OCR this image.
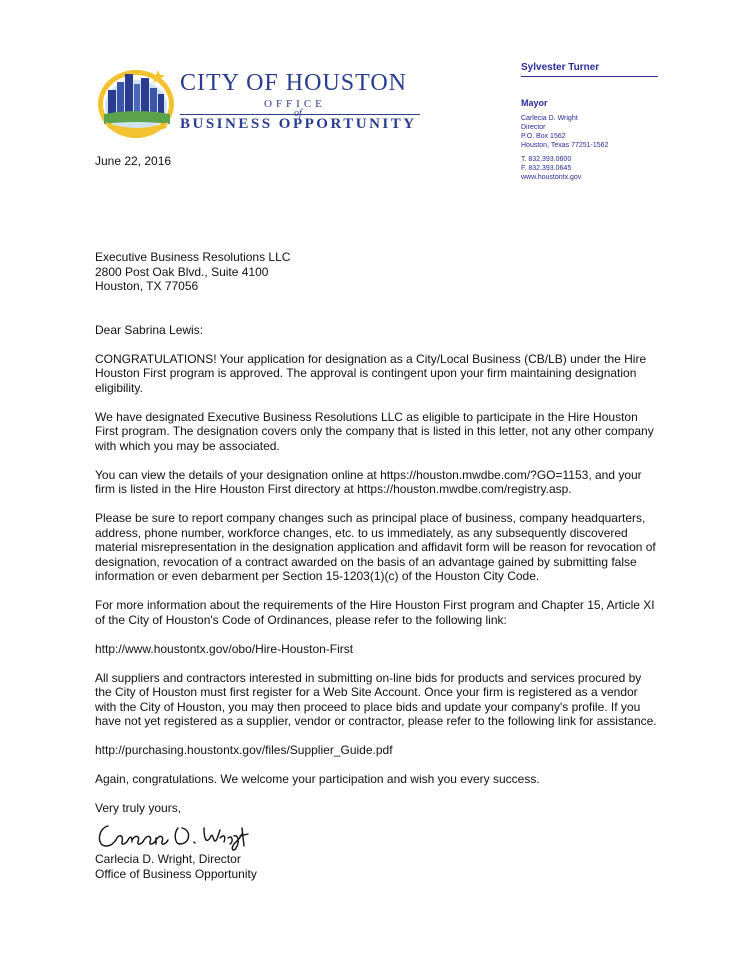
CITY OF HOUSTON
OFFICE
of
BUSINESS OPPORTUNITY
Sylvester Turner
Mayor
Carlecia D. Wright
Director
P.O. Box 1562
Houston, Texas 77251-1562
T. 832.393.0600
F. 832.393.0645
www.houstontx.gov
June 22, 2016

Executive Business Resolutions LLC

2800 Post Oak Blvd., Suite 4100

Houston, TX 77056

Dear Sabrina Lewis:

CONGRATULATIONS! Your application for designation as a City/Local Business (CB/LB) under the Hire Houston First program is approved. The approval is contingent upon your firm maintaining designation eligibility.

We have designated Executive Business Resolutions LLC as eligible to participate in the Hire Houston First program. The designation covers only the company that is listed in this letter, not any other company with which you may be associated.

You can view the details of your designation online at https://houston.mwdbe.com/?GO=1153, and your firm is listed in the Hire Houston First directory at https://houston.mwdbe.com/registry.asp.

Please be sure to report company changes such as principal place of business, company headquarters, address, phone number, workforce changes, etc. to us immediately, as any subsequently discovered material misrepresentation in the designation application and affidavit form will be reason for revocation of designation, revocation of a contract awarded on the basis of an advantage gained by submitting false information or even debarment per Section 15-1203(1)(c) of the Houston City Code.

For more information about the requirements of the Hire Houston First program and Chapter 15, Article XI of the City of Houston's Code of Ordinances, please refer to the following link:

http://www.houstontx.gov/obo/Hire-Houston-First

All suppliers and contractors interested in submitting on-line bids for products and services procured by the City of Houston must first register for a Web Site Account. Once your firm is registered as a vendor with the City of Houston, you may then proceed to place bids and update your company's profile. If you have not yet registered as a supplier, vendor or contractor, please refer to the following link for assistance.

http://purchasing.houstontx.gov/files/Supplier_Guide.pdf

Again, congratulations. We welcome your participation and wish you every success.

Very truly yours,

Carlecia D. Wright, Director
Office of Business Opportunity
